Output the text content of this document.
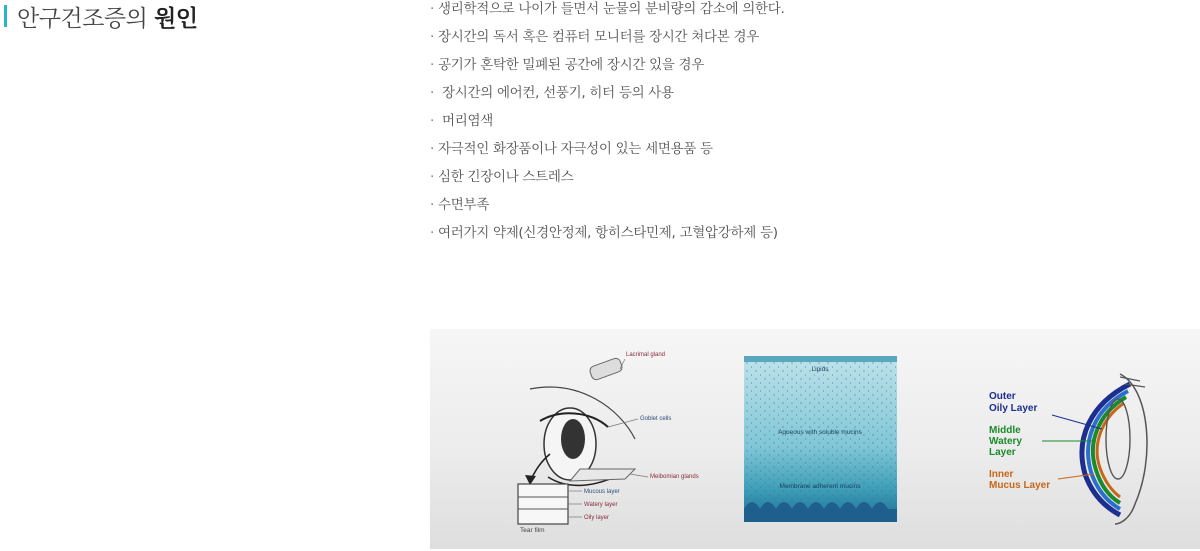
안구건조증의 원인	· 생리학적으로 나이가 들면서 눈물의 분비량의 감소에 의한다.
· 장시간의 독서 혹은 컴퓨터 모니터를 장시간 쳐다본 경우
· 공기가 혼탁한 밀폐된 공간에 장시간 있을 경우
· 장시간의 에어컨, 선풍기, 히터 등의 사용
· 머리염색
· 자극적인 화장품이나 자극성이 있는 세면용품 등
· 심한 긴장이나 스트레스
· 수면부족
· 여러가지 약제(신경안정제, 항히스타민제, 고혈압강하제 등)
Lacrimal gland
Goblet cells
Meibomian glands
Mucous layer
Watery layer
Oily layer
Tear film
Lipids
Aqueous with soluble mucins
Membrane adherent mucins
Outer
Oily Layer
Middle
Watery
Layer
Inner
Mucus Layer
